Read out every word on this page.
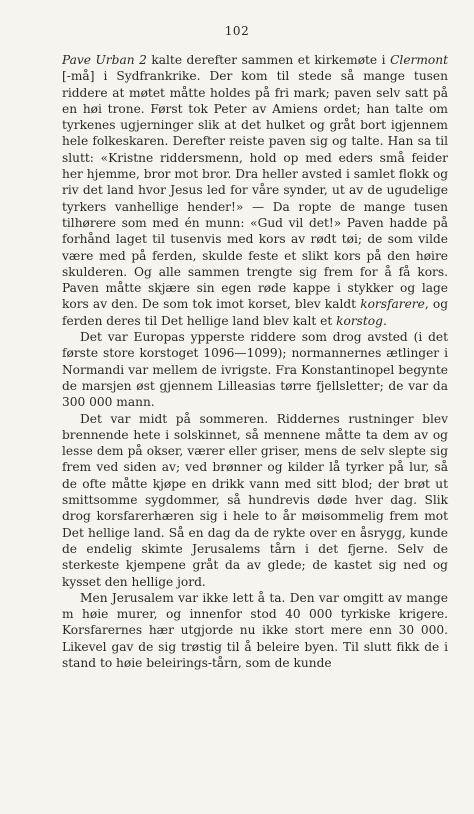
102

Pave Urban 2 kalte derefter sammen et kirkemøte i Clermont [-må] i Sydfrankrike. Der kom til stede så mange tusen riddere at møtet måtte holdes på fri mark; paven selv satt på en høi trone. Først tok Peter av Amiens ordet; han talte om tyrkenes ugjerninger slik at det hulket og gråt bort igjennem hele folkeskaren. Derefter reiste paven sig og talte. Han sa til slutt: «Kristne riddersmenn, hold op med eders små feider her hjemme, bror mot bror. Dra heller avsted i samlet flokk og riv det land hvor Jesus led for våre synder, ut av de ugudelige tyrkers vanhellige hender!» — Da ropte de mange tusen tilhørere som med én munn: «Gud vil det!» Paven hadde på forhånd laget til tusenvis med kors av rødt tøi; de som vilde være med på ferden, skulde feste et slikt kors på den høire skulderen. Og alle sammen trengte sig frem for å få kors. Paven måtte skjære sin egen røde kappe i stykker og lage kors av den. De som tok imot korset, blev kaldt korsfarere, og ferden deres til Det hellige land blev kalt et korstog.

Det var Europas ypperste riddere som drog avsted (i det første store korstoget 1096—1099); normannernes ætlinger i Normandi var mellem de ivrigste. Fra Konstantinopel begynte de marsjen øst gjennem Lilleasias tørre fjellsletter; de var da 300 000 mann.

Det var midt på sommeren. Riddernes rustninger blev brennende hete i solskinnet, så mennene måtte ta dem av og lesse dem på okser, værer eller griser, mens de selv slepte sig frem ved siden av; ved brønner og kilder lå tyrker på lur, så de ofte måtte kjøpe en drikk vann med sitt blod; der brøt ut smittsomme sygdommer, så hundrevis døde hver dag. Slik drog korsfarerhæren sig i hele to år møisommelig frem mot Det hellige land. Så en dag da de rykte over en åsrygg, kunde de endelig skimte Jerusalems tårn i det fjerne. Selv de sterkeste kjempene gråt da av glede; de kastet sig ned og kysset den hellige jord.

Men Jerusalem var ikke lett å ta. Den var omgitt av mange m høie murer, og innenfor stod 40 000 tyrkiske krigere. Korsfarernes hær utgjorde nu ikke stort mere enn 30 000. Likevel gav de sig trøstig til å beleire byen. Til slutt fikk de i stand to høie beleirings-tårn, som de kunde
